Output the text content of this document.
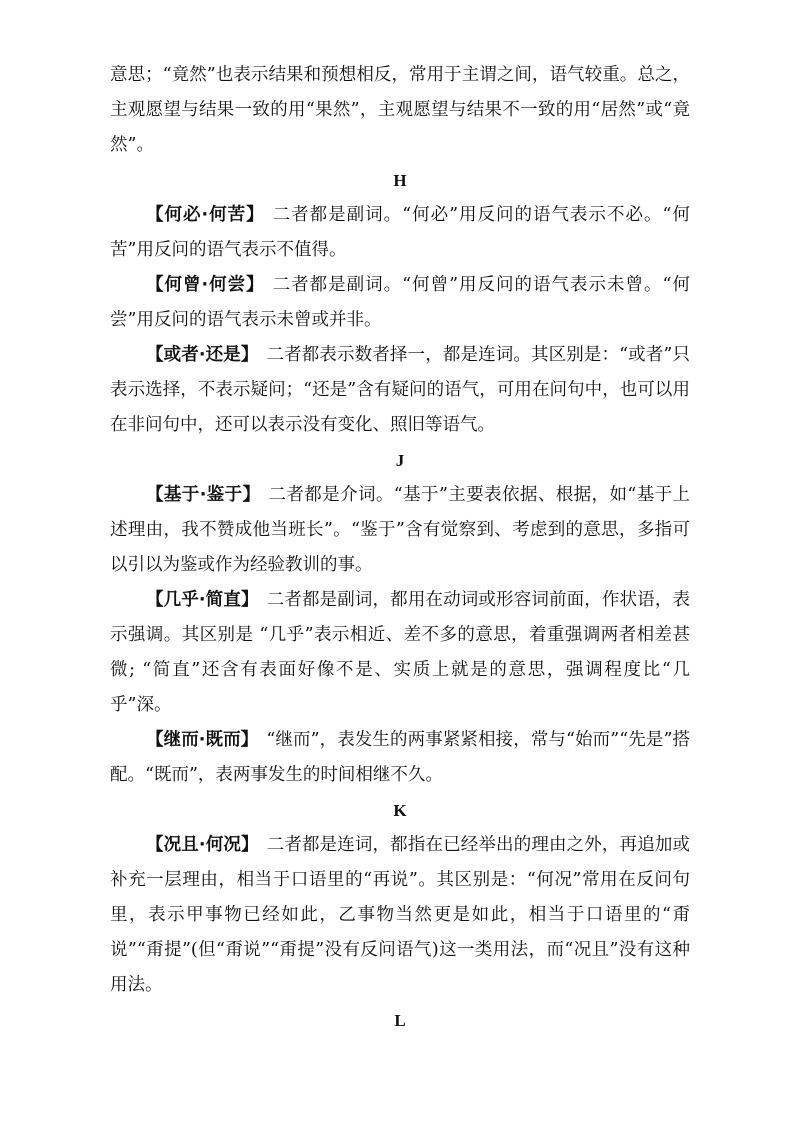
意思；“竟然”也表示结果和预想相反，常用于主谓之间，语气较重。总之，主观愿望与结果一致的用“果然”，主观愿望与结果不一致的用“居然”或“竟然”。

H

【何必·何苦】 二者都是副词。“何必”用反问的语气表示不必。“何苦”用反问的语气表示不值得。

【何曾·何尝】 二者都是副词。“何曾”用反问的语气表示未曾。“何尝”用反问的语气表示未曾或并非。

【或者·还是】 二者都表示数者择一，都是连词。其区别是：“或者”只表示选择，不表示疑问；“还是”含有疑问的语气，可用在问句中，也可以用在非问句中，还可以表示没有变化、照旧等语气。

J

【基于·鉴于】 二者都是介词。“基于”主要表依据、根据，如“基于上述理由，我不赞成他当班长”。“鉴于”含有觉察到、考虑到的意思，多指可以引以为鉴或作为经验教训的事。

【几乎·简直】 二者都是副词，都用在动词或形容词前面，作状语，表示强调。其区别是 “几乎”表示相近、差不多的意思，着重强调两者相差甚微; “简直”还含有表面好像不是、实质上就是的意思，强调程度比“几乎”深。

【继而·既而】 “继而”，表发生的两事紧紧相接，常与“始而”“先是”搭配。“既而”，表两事发生的时间相继不久。

K

【况且·何况】 二者都是连词，都指在已经举出的理由之外，再追加或补充一层理由，相当于口语里的“再说”。其区别是：“何况”常用在反问句里，表示甲事物已经如此，乙事物当然更是如此，相当于口语里的“甭说”“甭提”(但“甭说”“甭提”没有反问语气)这一类用法，而“况且”没有这种用法。

L
